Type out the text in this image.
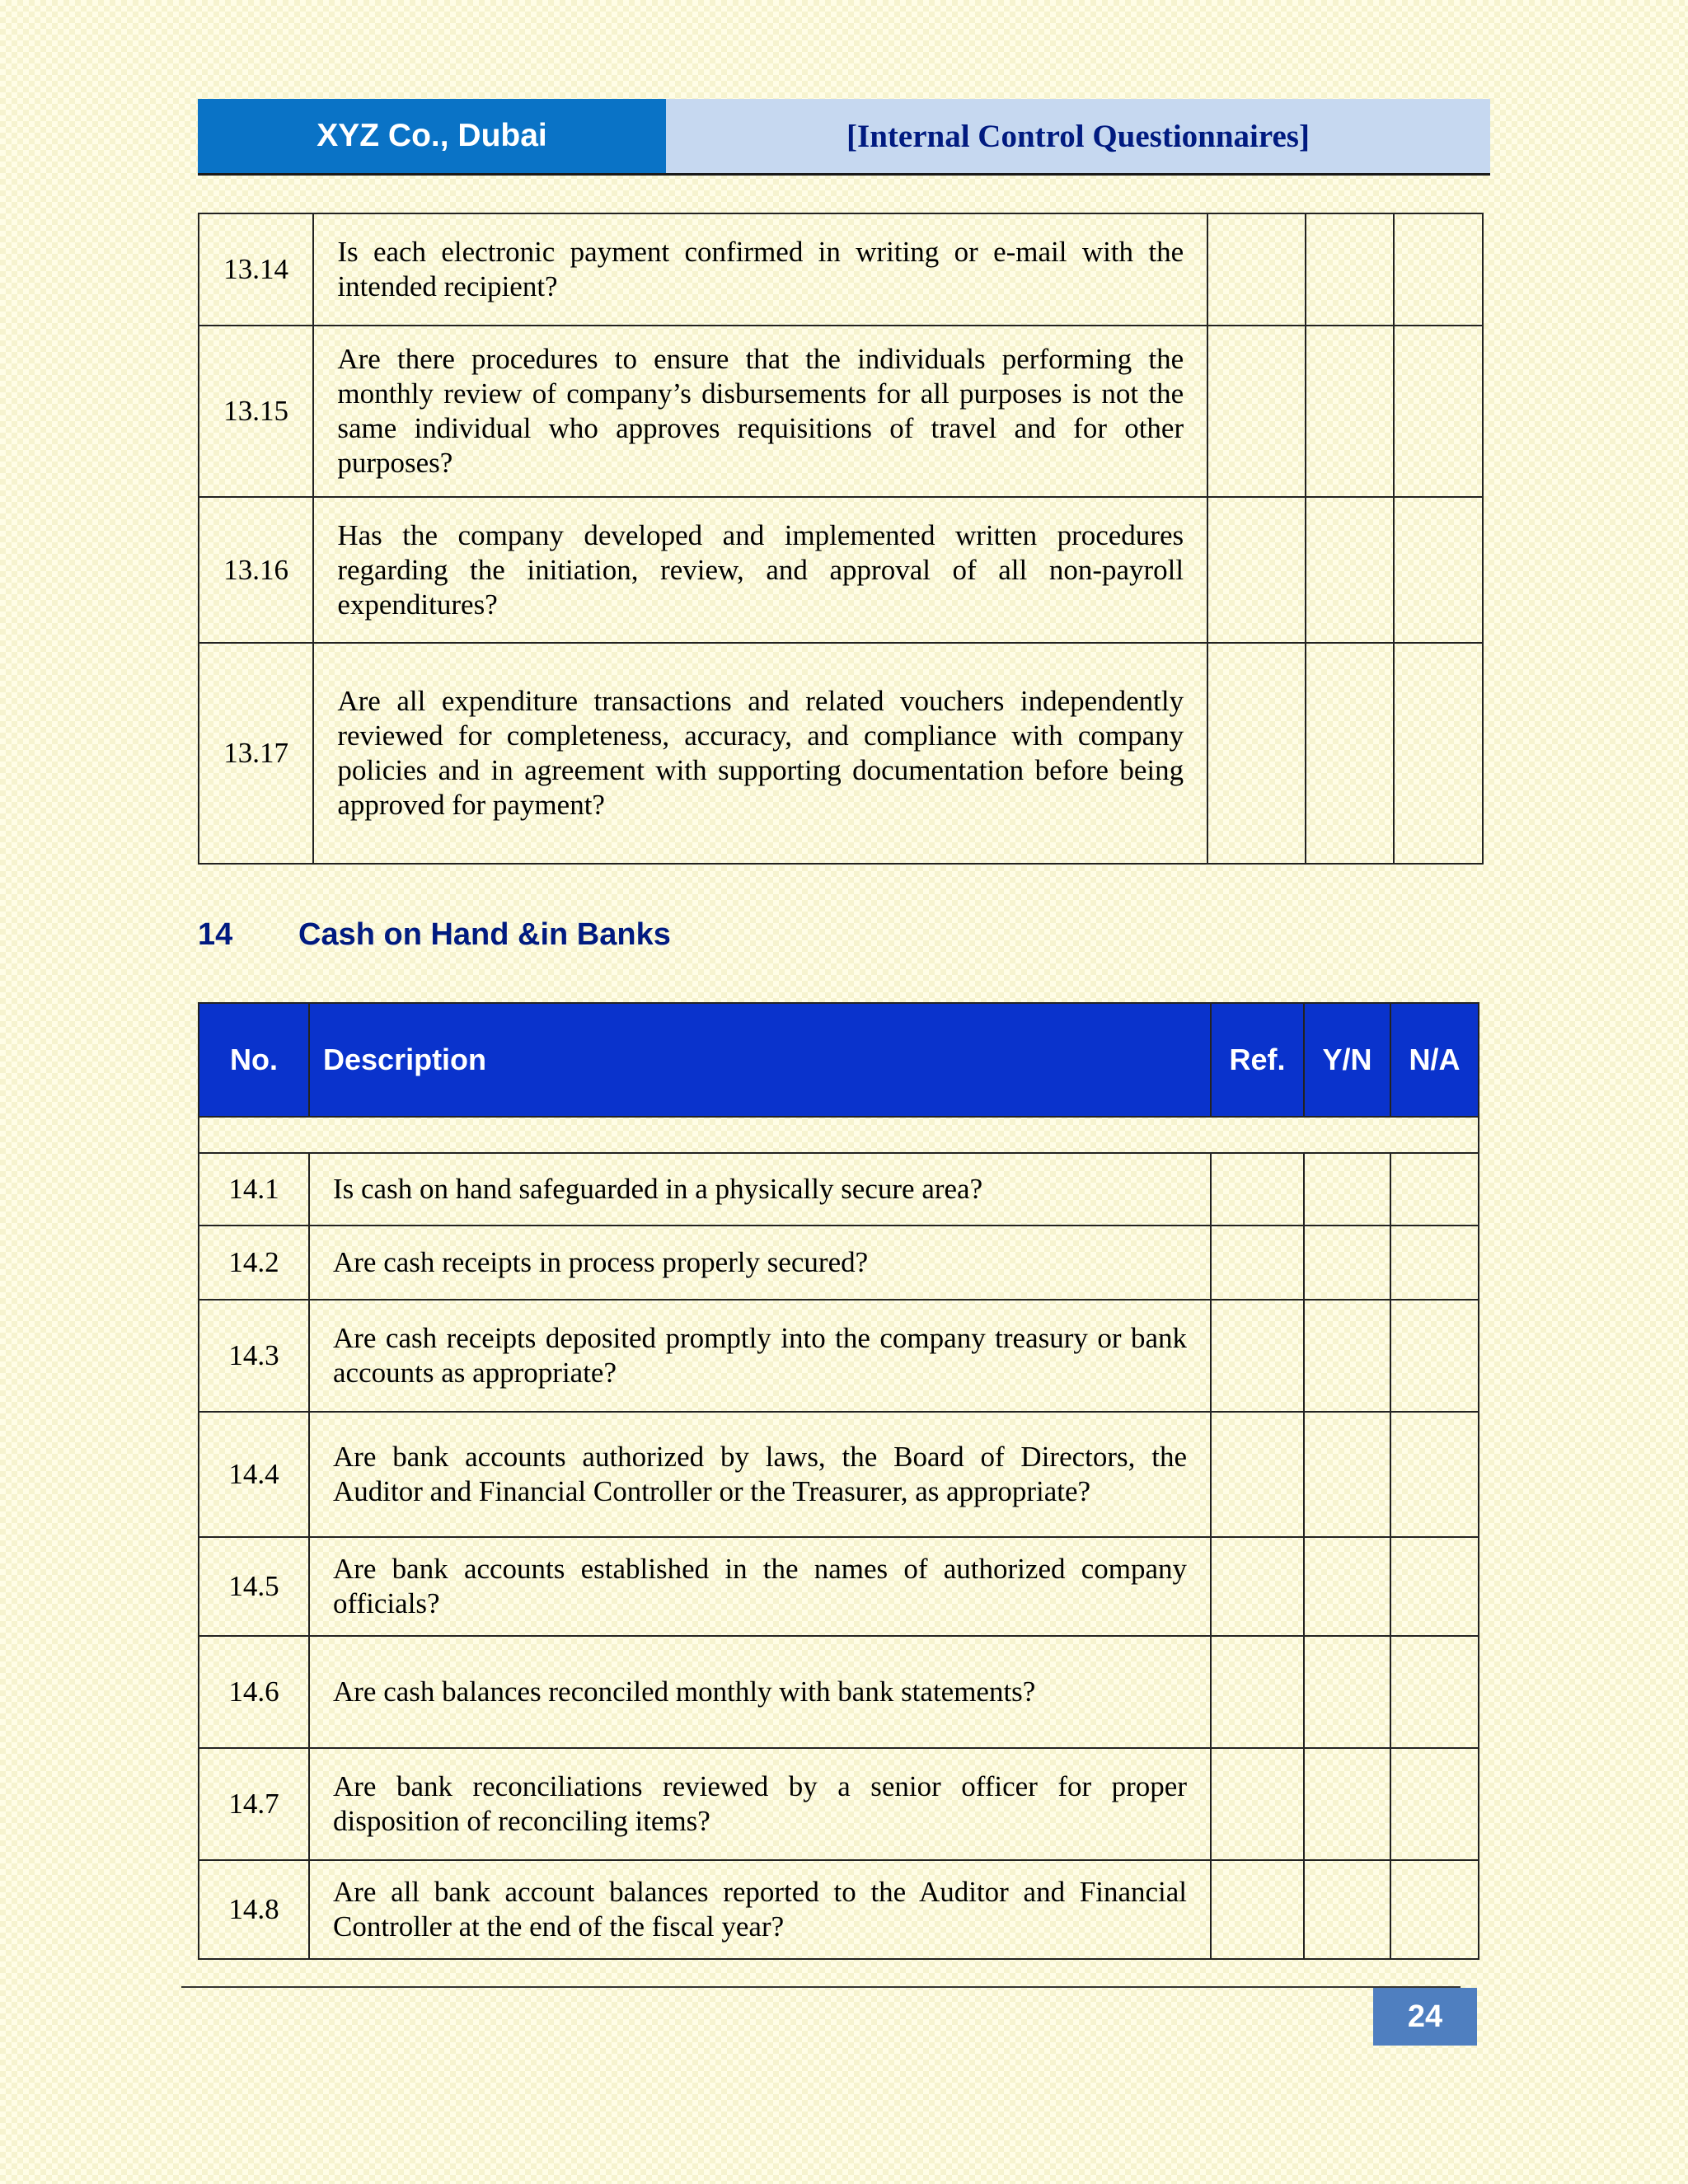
XYZ Co., Dubai	[Internal Control Questionnaires]
13.14	Is each electronic payment confirmed in writing or e-mail with the intended recipient?			
13.15	Are there procedures to ensure that the individuals performing the monthly review of company’s disbursements for all purposes is not the same individual who approves requisitions of travel and for other purposes?			
13.16	Has the company developed and implemented written procedures regarding the initiation, review, and approval of all non-payroll expenditures?			
13.17	Are all expenditure transactions and related vouchers independently reviewed for completeness, accuracy, and compliance with company policies and in agreement with supporting documentation before being approved for payment?			
14	Cash on Hand &in Banks
No.	Description	Ref.	Y/N	N/A

14.1	Is cash on hand safeguarded in a physically secure area?			
14.2	Are cash receipts in process properly secured?			
14.3	Are cash receipts deposited promptly into the company treasury or bank accounts as appropriate?			
14.4	Are bank accounts authorized by laws, the Board of Directors, the Auditor and Financial Controller or the Treasurer, as appropriate?			
14.5	Are bank accounts established in the names of authorized company officials?			
14.6	Are cash balances reconciled monthly with bank statements?			
14.7	Are bank reconciliations reviewed by a senior officer for proper disposition of reconciling items?			
14.8	Are all bank account balances reported to the Auditor and Financial Controller at the end of the fiscal year?			
24
